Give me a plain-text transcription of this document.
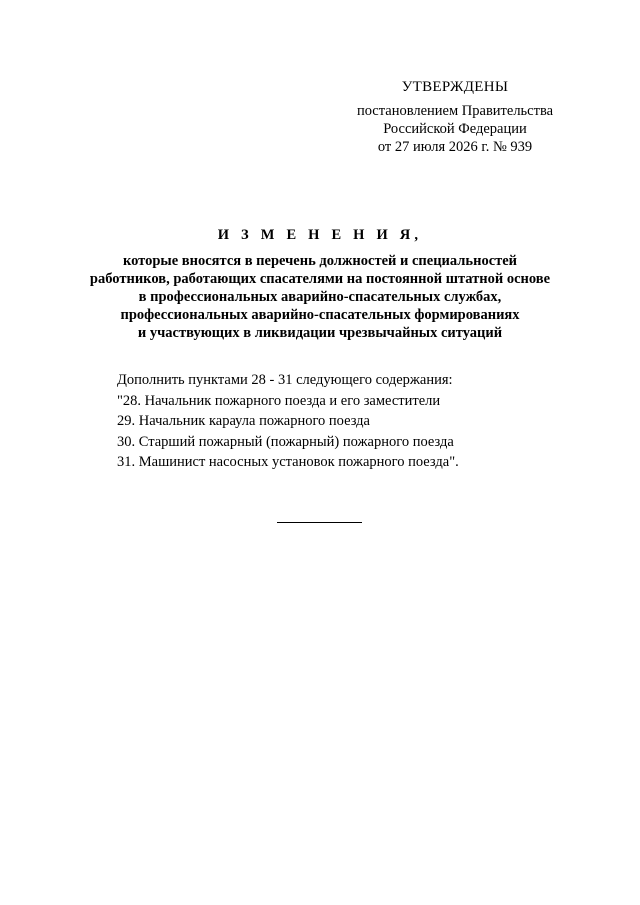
УТВЕРЖДЕНЫ

постановлением Правительства

Российской Федерации

от 27 июля 2026 г. № 939

И З М Е Н Е Н И Я,

которые вносятся в перечень должностей и специальностей

работников, работающих спасателями на постоянной штатной основе

в профессиональных аварийно-спасательных службах,

профессиональных аварийно-спасательных формированиях

и участвующих в ликвидации чрезвычайных ситуаций

Дополнить пунктами 28 - 31 следующего содержания:

"28. Начальник пожарного поезда и его заместители

29. Начальник караула пожарного поезда

30. Старший пожарный (пожарный) пожарного поезда

31. Машинист насосных установок пожарного поезда".
